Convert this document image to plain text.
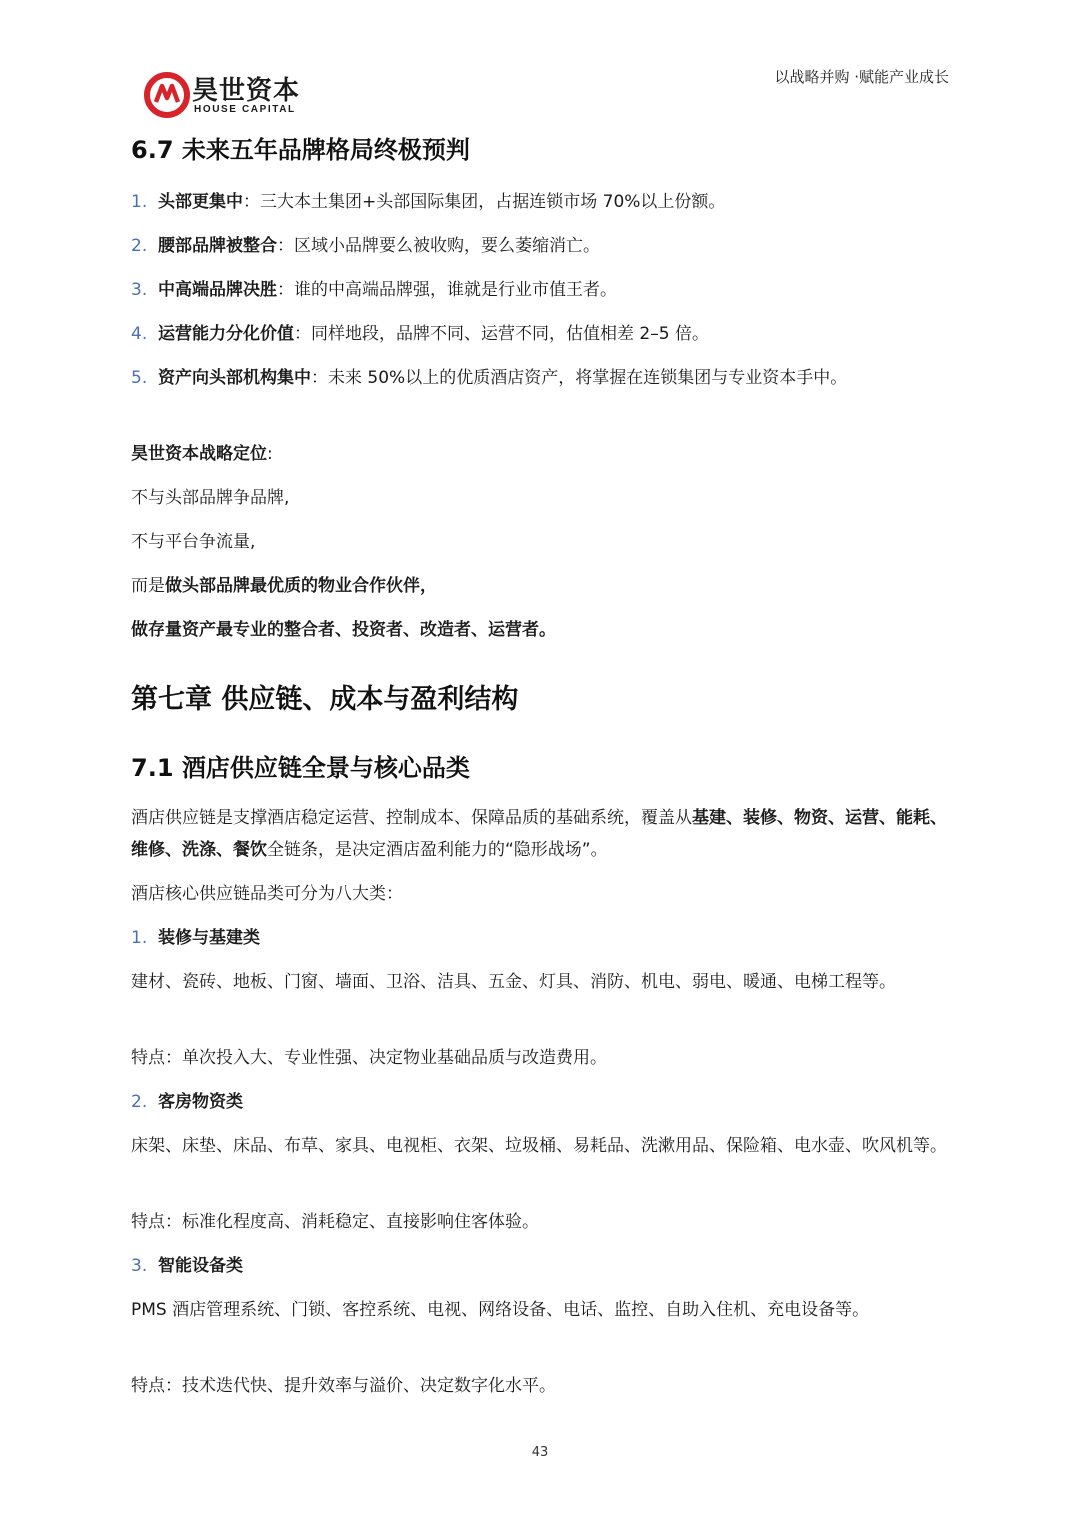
昊世资本
HOUSE CAPITAL
以战略并购 ·赋能产业成长
6.7 未来五年品牌格局终极预判
1. 头部更集中：三大本土集团+头部国际集团，占据连锁市场 70%以上份额。
2. 腰部品牌被整合：区域小品牌要么被收购，要么萎缩消亡。
3. 中高端品牌决胜：谁的中高端品牌强，谁就是行业市值王者。
4. 运营能力分化价值：同样地段，品牌不同、运营不同，估值相差 2–5 倍。
5. 资产向头部机构集中：未来 50%以上的优质酒店资产，将掌握在连锁集团与专业资本手中。
昊世资本战略定位:
不与头部品牌争品牌,
不与平台争流量,
而是做头部品牌最优质的物业合作伙伴，
做存量资产最专业的整合者、投资者、改造者、运营者。
第七章 供应链、成本与盈利结构
7.1 酒店供应链全景与核心品类
酒店供应链是支撑酒店稳定运营、控制成本、保障品质的基础系统，覆盖从基建、装修、物资、运营、能耗、维修、洗涤、餐饮全链条，是决定酒店盈利能力的“隐形战场”。
酒店核心供应链品类可分为八大类：
1. 装修与基建类
建材、瓷砖、地板、门窗、墙面、卫浴、洁具、五金、灯具、消防、机电、弱电、暖通、电梯工程等。
特点：单次投入大、专业性强、决定物业基础品质与改造费用。
2. 客房物资类
床架、床垫、床品、布草、家具、电视柜、衣架、垃圾桶、易耗品、洗漱用品、保险箱、电水壶、吹风机等。
特点：标准化程度高、消耗稳定、直接影响住客体验。
3. 智能设备类
PMS 酒店管理系统、门锁、客控系统、电视、网络设备、电话、监控、自助入住机、充电设备等。
特点：技术迭代快、提升效率与溢价、决定数字化水平。
43
